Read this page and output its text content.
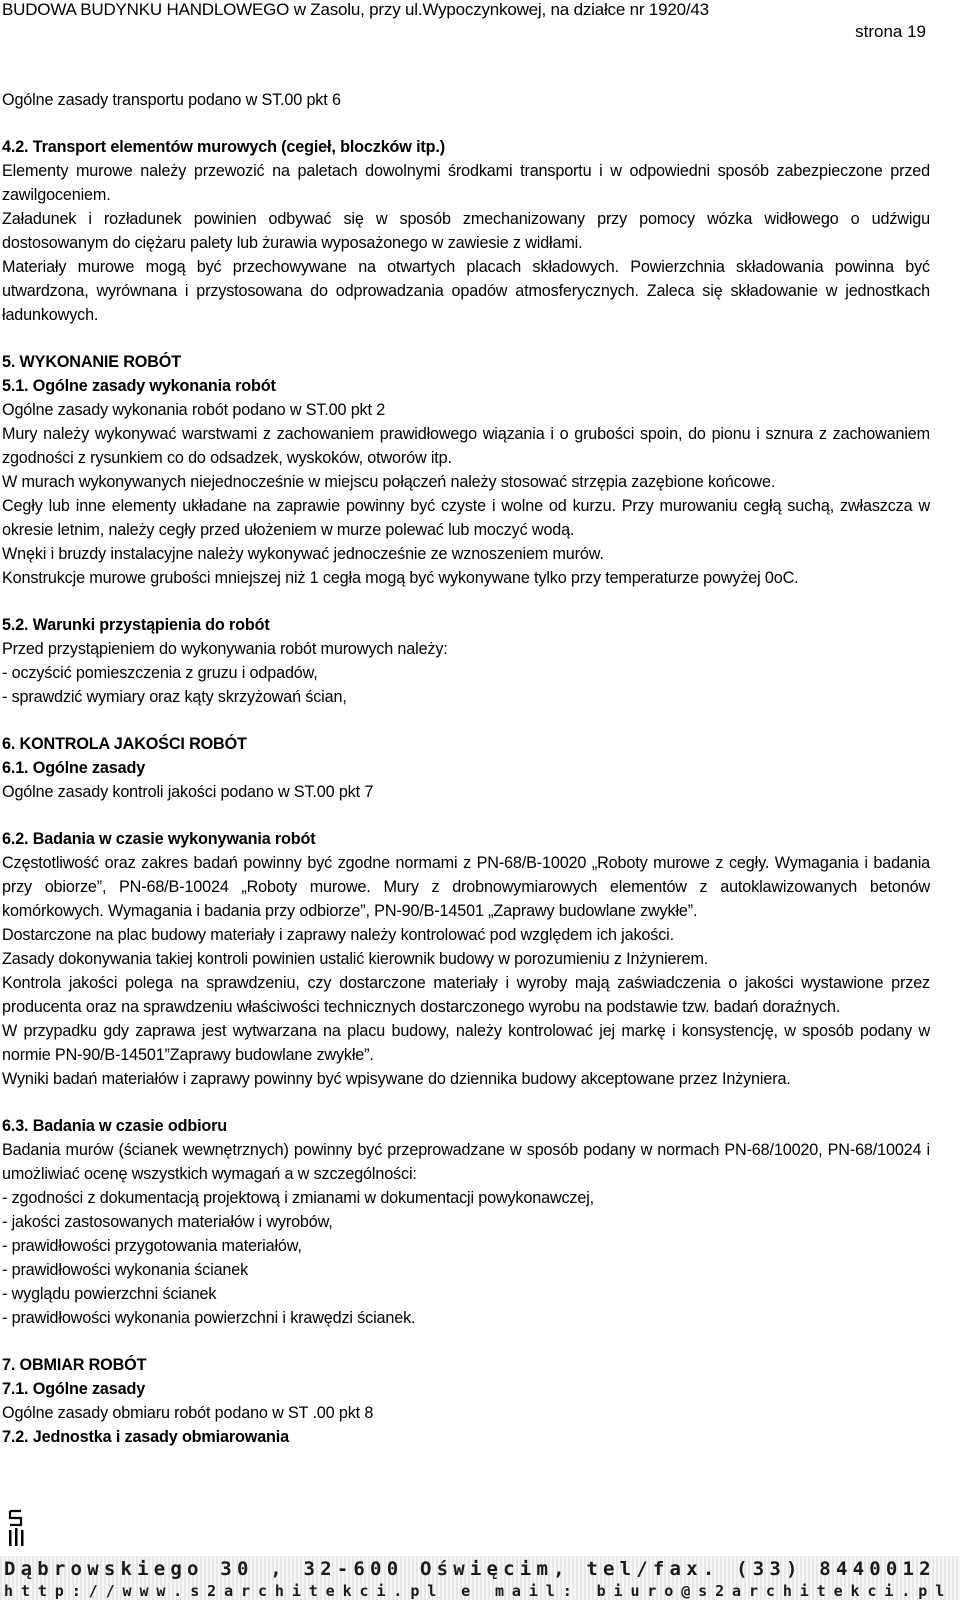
BUDOWA BUDYNKU HANDLOWEGO w Zasolu, przy ul.Wypoczynkowej, na działce nr 1920/43
strona 19

Ogólne zasady transportu podano w ST.00 pkt 6

4.2. Transport elementów murowych (cegieł, bloczków itp.)

Elementy murowe należy przewozić na paletach dowolnymi środkami transportu i w odpowiedni sposób zabezpieczone przed zawilgoceniem.

Załadunek i rozładunek powinien odbywać się w sposób zmechanizowany przy pomocy wózka widłowego o udźwigu dostosowanym do ciężaru palety lub żurawia wyposażonego w zawiesie z widłami.

Materiały murowe mogą być przechowywane na otwartych placach składowych. Powierzchnia składowania powinna być utwardzona, wyrównana i przystosowana do odprowadzania opadów atmosferycznych. Zaleca się składowanie w jednostkach ładunkowych.

5. WYKONANIE ROBÓT

5.1. Ogólne zasady wykonania robót

Ogólne zasady wykonania robót podano w ST.00 pkt 2

Mury należy wykonywać warstwami z zachowaniem prawidłowego wiązania i o grubości spoin, do pionu i sznura z zachowaniem zgodności z rysunkiem co do odsadzek, wyskoków, otworów itp.

W murach wykonywanych niejednocześnie w miejscu połączeń należy stosować strzępia zazębione końcowe.

Cegły lub inne elementy układane na zaprawie powinny być czyste i wolne od kurzu. Przy murowaniu cegłą suchą, zwłaszcza w okresie letnim, należy cegły przed ułożeniem w murze polewać lub moczyć wodą.

Wnęki i bruzdy instalacyjne należy wykonywać jednocześnie ze wznoszeniem murów.

Konstrukcje murowe grubości mniejszej niż 1 cegła mogą być wykonywane tylko przy temperaturze powyżej 0oC.

5.2. Warunki przystąpienia do robót

Przed przystąpieniem do wykonywania robót murowych należy:

- oczyścić pomieszczenia z gruzu i odpadów,

- sprawdzić wymiary oraz kąty skrzyżowań ścian,

6. KONTROLA JAKOŚCI ROBÓT

6.1. Ogólne zasady

Ogólne zasady kontroli jakości podano w ST.00 pkt 7

6.2. Badania w czasie wykonywania robót

Częstotliwość oraz zakres badań powinny być zgodne normami z PN-68/B-10020 „Roboty murowe z cegły. Wymagania i badania przy obiorze”, PN-68/B-10024 „Roboty murowe. Mury z drobnowymiarowych elementów z autoklawizowanych betonów komórkowych. Wymagania i badania przy odbiorze”, PN-90/B-14501 „Zaprawy budowlane zwykłe”.

Dostarczone na plac budowy materiały i zaprawy należy kontrolować pod względem ich jakości.

Zasady dokonywania takiej kontroli powinien ustalić kierownik budowy w porozumieniu z Inżynierem.

Kontrola jakości polega na sprawdzeniu, czy dostarczone materiały i wyroby mają zaświadczenia o jakości wystawione przez producenta oraz na sprawdzeniu właściwości technicznych dostarczonego wyrobu na podstawie tzw. badań doraźnych.

W przypadku gdy zaprawa jest wytwarzana na placu budowy, należy kontrolować jej markę i konsystencję, w sposób podany w normie PN-90/B-14501”Zaprawy budowlane zwykłe”.

Wyniki badań materiałów i zaprawy powinny być wpisywane do dziennika budowy akceptowane przez Inżyniera.

6.3. Badania w czasie odbioru

Badania murów (ścianek wewnętrznych) powinny być przeprowadzane w sposób podany w normach PN-68/10020, PN-68/10024 i umożliwiać ocenę wszystkich wymagań a w szczególności:

- zgodności z dokumentacją projektową i zmianami w dokumentacji powykonawczej,

- jakości zastosowanych materiałów i wyrobów,

- prawidłowości przygotowania materiałów,

- prawidłowości wykonania ścianek

- wyglądu powierzchni ścianek

- prawidłowości wykonania powierzchni i krawędzi ścianek.

7. OBMIAR ROBÓT

7.1. Ogólne zasady

Ogólne zasady obmiaru robót podano w ST .00 pkt 8

7.2. Jednostka i zasady obmiarowania

Dąbrowskiego 30 , 32-600 Oświęcim, tel/fax. (33) 8440012
http://www.s2architekci.pl e mail: biuro@s2architekci.pl
